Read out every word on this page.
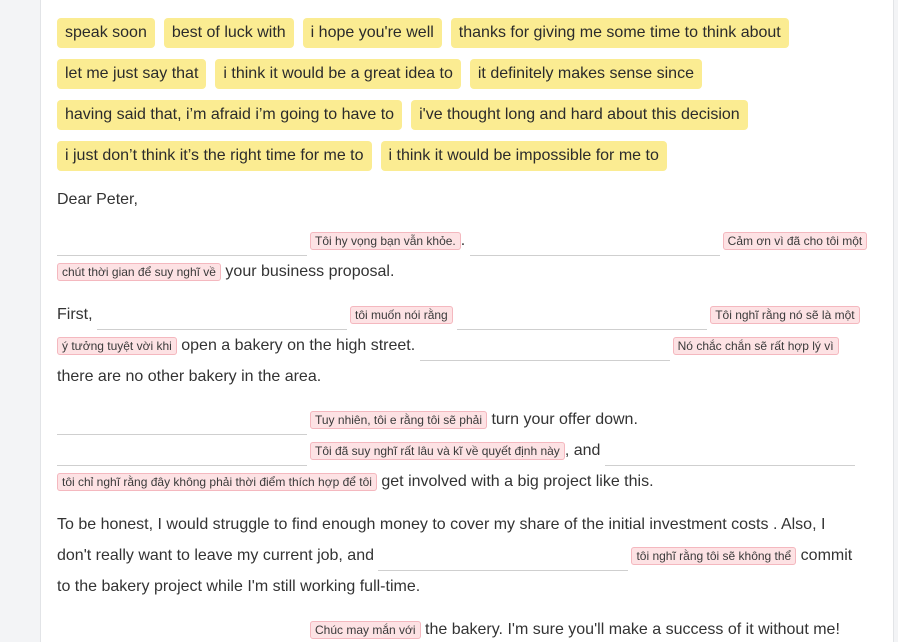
speak soon	best of luck with	i hope you're well	thanks for giving me some time to think about
let me just say that	i think it would be a great idea to	it definitely makes sense since
having said that, i’m afraid i’m going to have to	i've thought long and hard about this decision
i just don’t think it’s the right time for me to	i think it would be impossible for me to
Dear Peter,
Tôi hy vọng bạn vẫn khỏe. .	Cảm ơn vì đã cho tôi một chút thời gian để suy nghĩ về your business proposal.
First,	tôi muốn nói rằng	Tôi nghĩ rằng nó sẽ là một ý tưởng tuyệt vời khi open a bakery on the high street.	Nó chắc chắn sẽ rất hợp lý vì there are no other bakery in the area.
Tuy nhiên, tôi e rằng tôi sẽ phải turn your offer down.
Tôi đã suy nghĩ rất lâu và kĩ về quyết định này , and tôi chỉ nghĩ rằng đây không phải thời điểm thích hợp để tôi get involved with a big project like this.
To be honest, I would struggle to find enough money to cover my share of the initial investment costs . Also, I don't really want to leave my current job, and	tôi nghĩ rằng tôi sẽ không thể commit to the bakery project while I'm still working full-time.
Chúc may mắn với the bakery. I'm sure you'll make a success of it without me!
